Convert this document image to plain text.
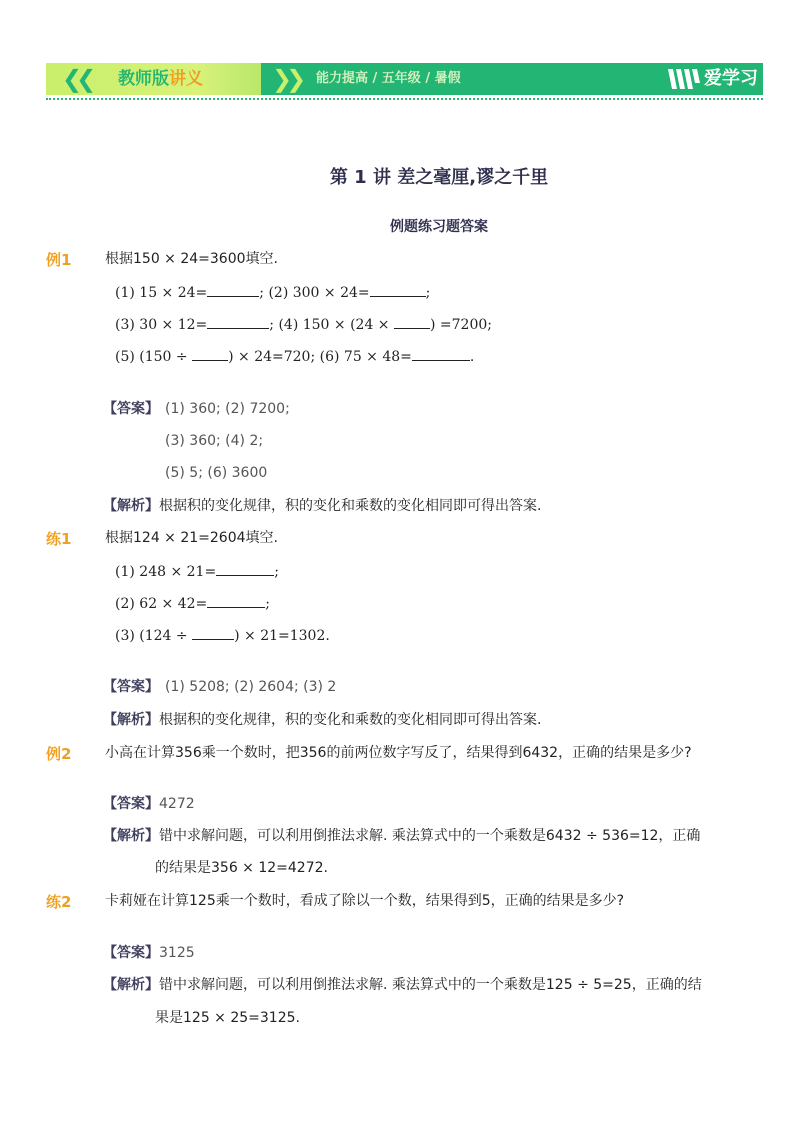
❮❮ 教师版讲义	❯❯ 能力提高 / 五年级 / 暑假	爱学习
第 1 讲 差之毫厘,谬之千里
例题练习题答案
例1 根据150 × 24=3600填空.
(1) 15 × 24=	; (2) 300 × 24=	;
(3) 30 × 12=	; (4) 150 × (24 ×	) =7200;
(5) (150 ÷	) × 24=720; (6) 75 × 48=	.
【答案】 (1) 360; (2) 7200;
(3) 360; (4) 2;
(5) 5; (6) 3600
【解析】根据积的变化规律，积的变化和乘数的变化相同即可得出答案.
练1 根据124 × 21=2604填空.
(1) 248 × 21=	;
(2) 62 × 42=	;
(3) (124 ÷	) × 21=1302.
【答案】 (1) 5208; (2) 2604; (3) 2
【解析】根据积的变化规律，积的变化和乘数的变化相同即可得出答案.
例2 小高在计算356乘一个数时，把356的前两位数字写反了，结果得到6432，正确的结果是多少?
【答案】4272
【解析】错中求解问题，可以利用倒推法求解. 乘法算式中的一个乘数是6432 ÷ 536=12，正确
的结果是356 × 12=4272.
练2 卡莉娅在计算125乘一个数时，看成了除以一个数，结果得到5，正确的结果是多少?
【答案】3125
【解析】错中求解问题，可以利用倒推法求解. 乘法算式中的一个乘数是125 ÷ 5=25，正确的结
果是125 × 25=3125.
